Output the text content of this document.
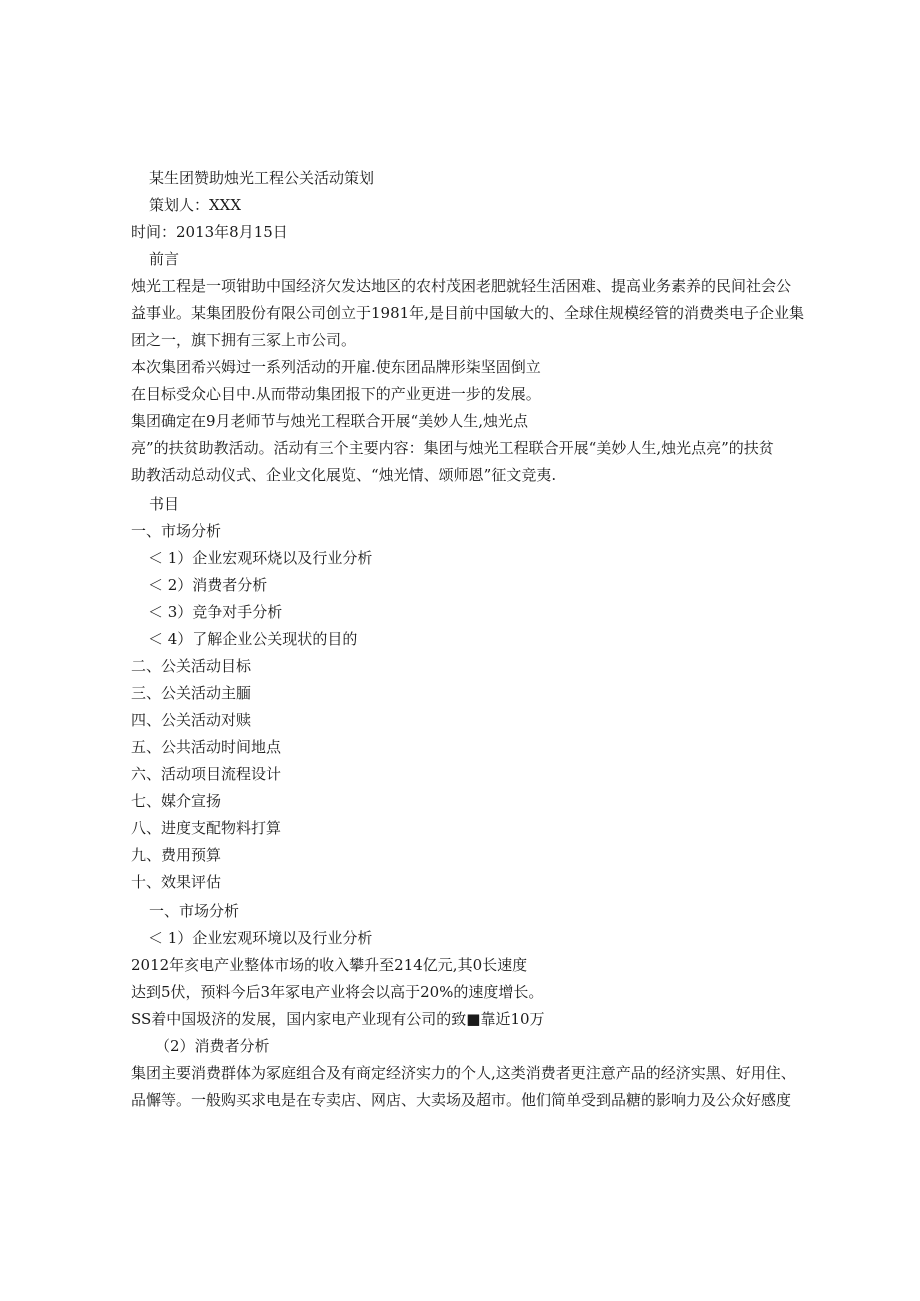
某生团赞助烛光工程公关活动策划
策划人：XXX
时间：2013年8月15日
前言
烛光工程是一项钳助中国经济欠发达地区的农村茂困老肥就轻生活困难、提高业务素养的民间社会公
益事业。某集团股份有限公司创立于1981年,是目前中国敏大的、全球住规模经管的消费类电子企业集
团之一，旗下拥有三冢上市公司。
本次集团希兴姆过一系列活动的开雇.使东团品牌形柒坚固倒立
在目标受众心目中.从而带动集团报下的产业更进一步的发展。
集团确定在9月老师节与烛光工程联合开展“美妙人生,烛光点
亮”的扶贫助教活动。活动有三个主要内容：集团与烛光工程联合开展“美妙人生,烛光点亮”的扶贫
助教活动总动仪式、企业文化展览、“烛光情、颂师恩”征文竞夷.
书目
一、市场分析
＜ 1）企业宏观环烧以及行业分析
＜ 2）消费者分析
＜ 3）竞争对手分析
＜ 4）了解企业公关现状的目的
二、公关活动目标
三、公关活动主腼
四、公关活动对赎
五、公共活动时间地点
六、活动项目流程设计
七、媒介宣扬
八、进度支配物料打算
九、费用预算
十、效果评估
一、市场分析
＜ 1）企业宏观环境以及行业分析
2012年亥电产业整体市场的收入攀升至214亿元,其0长速度
达到5伏，预料今后3年冢电产业将会以高于20%的速度增长。
SS着中国圾济的发展，国内家电产业现有公司的致■靠近10万
（2）消费者分析
集团主要消费群体为冢庭组合及有商定经济实力的个人,这类消费者更注意产品的经济实黑、好用住、
品懈等。一般购买求电是在专卖店、网店、大卖场及超市。他们简单受到品糖的影响力及公众好感度
